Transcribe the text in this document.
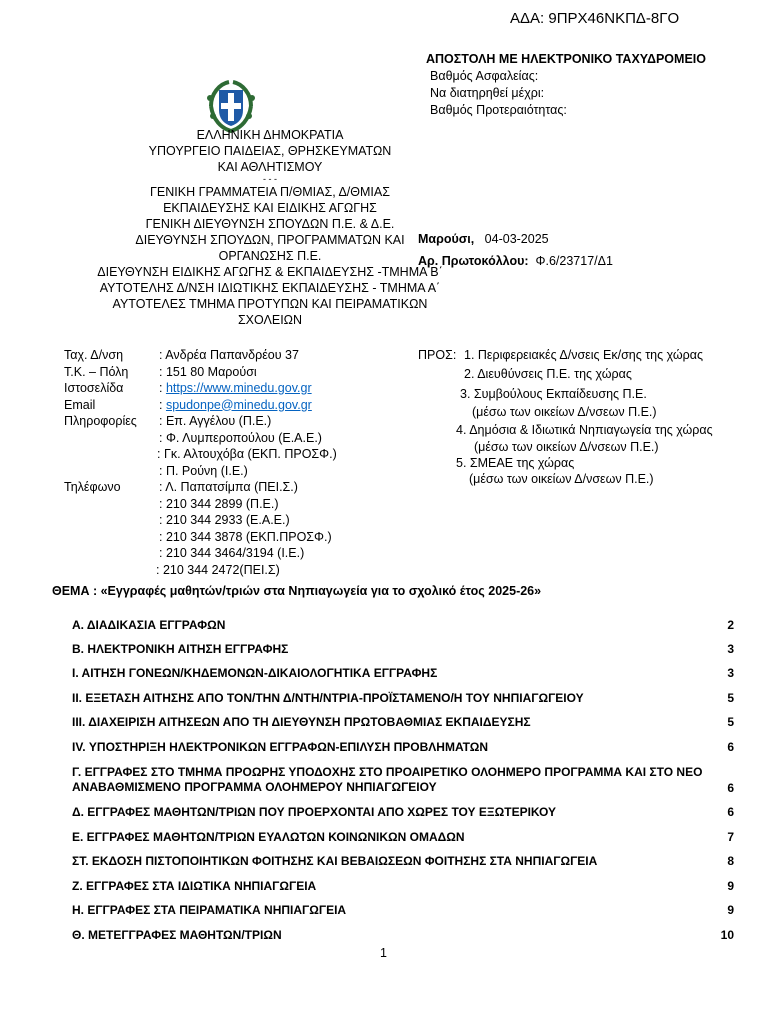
ΑΔΑ: 9ΠΡΧ46ΝΚΠΔ-8ΓΟ
ΑΠΟΣΤΟΛΗ ΜΕ ΗΛΕΚΤΡΟΝΙΚΟ ΤΑΧΥΔΡΟΜΕΙΟ
Βαθμός Ασφαλείας:
Να διατηρηθεί μέχρι:
Βαθμός Προτεραιότητας:
ΕΛΛΗΝΙΚΗ ΔΗΜΟΚΡΑΤΙΑ
ΥΠΟΥΡΓΕΙΟ ΠΑΙΔΕΙΑΣ, ΘΡΗΣΚΕΥΜΑΤΩΝ
ΚΑΙ ΑΘΛΗΤΙΣΜΟΥ
- - -
ΓΕΝΙΚΗ ΓΡΑΜΜΑΤΕΙΑ Π/ΘΜΙΑΣ, Δ/ΘΜΙΑΣ
ΕΚΠΑΙΔΕΥΣΗΣ ΚΑΙ ΕΙΔΙΚΗΣ ΑΓΩΓΗΣ
ΓΕΝΙΚΗ ΔΙΕΥΘΥΝΣΗ ΣΠΟΥΔΩΝ Π.Ε. & Δ.Ε.
ΔΙΕΥΘΥΝΣΗ ΣΠΟΥΔΩΝ, ΠΡΟΓΡΑΜΜΑΤΩΝ ΚΑΙ
ΟΡΓΑΝΩΣΗΣ Π.Ε.
ΔΙΕΥΘΥΝΣΗ ΕΙΔΙΚΗΣ ΑΓΩΓΗΣ & ΕΚΠΑΙΔΕΥΣΗΣ -ΤΜΗΜΑ Β΄
ΑΥΤΟΤΕΛΗΣ Δ/ΝΣΗ ΙΔΙΩΤΙΚΗΣ ΕΚΠΑΙΔΕΥΣΗΣ - ΤΜΗΜΑ Α΄
ΑΥΤΟΤΕΛΕΣ ΤΜΗΜΑ ΠΡΟΤΥΠΩΝ ΚΑΙ ΠΕΙΡΑΜΑΤΙΚΩΝ
ΣΧΟΛΕΙΩΝ
Μαρούσι, 04-03-2025
Αρ. Πρωτοκόλλου: Φ.6/23717/Δ1
Ταχ. Δ/νση	: Ανδρέα Παπανδρέου 37
Τ.Κ. – Πόλη : 151 80 Μαρούσι
Ιστοσελίδα	: https://www.minedu.gov.gr
Email	: spudonpe@minedu.gov.gr
Πληροφορίες : Επ. Αγγέλου (Π.Ε.)
: Φ. Λυμπεροπούλου (Ε.Α.Ε.)
: Γκ. Αλτουχόβα (ΕΚΠ. ΠΡΟΣΦ.)
: Π. Ρούνη (Ι.Ε.)
Τηλέφωνο	: Λ. Παπατσίμπα (ΠΕΙ.Σ.)
: 210 344 2899 (Π.Ε.)
: 210 344 2933 (Ε.Α.Ε.)
: 210 344 3878 (ΕΚΠ.ΠΡΟΣΦ.)
: 210 344 3464/3194 (Ι.Ε.)
: 210 344 2472(ΠΕΙ.Σ)
ΠΡΟΣ: 1. Περιφερειακές Δ/νσεις Εκ/σης της χώρας
2. Διευθύνσεις Π.Ε. της χώρας
3. Συμβούλους Εκπαίδευσης Π.Ε.
(μέσω των οικείων Δ/νσεων Π.Ε.)
4. Δημόσια & Ιδιωτικά Νηπιαγωγεία της χώρας
(μέσω των οικείων Δ/νσεων Π.Ε.)
5. ΣΜΕΑΕ της χώρας
(μέσω των οικείων Δ/νσεων Π.Ε.)
ΘΕΜΑ : «Εγγραφές μαθητών/τριών στα Νηπιαγωγεία για το σχολικό έτος 2025-26»
Α. ΔΙΑΔΙΚΑΣΙΑ ΕΓΓΡΑΦΩΝ	2
Β. ΗΛΕΚΤΡΟΝΙΚΗ ΑΙΤΗΣΗ ΕΓΓΡΑΦΗΣ	3
Ι. ΑΙΤΗΣΗ ΓΟΝΕΩΝ/ΚΗΔΕΜΟΝΩΝ-ΔΙΚΑΙΟΛΟΓΗΤΙΚΑ ΕΓΓΡΑΦΗΣ	3
ΙΙ. ΕΞΕΤΑΣΗ ΑΙΤΗΣΗΣ ΑΠΟ ΤΟΝ/ΤΗΝ Δ/ΝΤΗ/ΝΤΡΙΑ-ΠΡΟΪΣΤΑΜΕΝΟ/Η ΤΟΥ ΝΗΠΙΑΓΩΓΕΙΟΥ	5
ΙΙΙ. ΔΙΑΧΕΙΡΙΣΗ ΑΙΤΗΣΕΩΝ ΑΠΟ ΤΗ ΔΙΕΥΘΥΝΣΗ ΠΡΩΤΟΒΑΘΜΙΑΣ ΕΚΠΑΙΔΕΥΣΗΣ	5
ΙV. ΥΠΟΣΤΗΡΙΞΗ ΗΛΕΚΤΡΟΝΙΚΩΝ ΕΓΓΡΑΦΩΝ-ΕΠΙΛΥΣΗ ΠΡΟΒΛΗΜΑΤΩΝ	6
Γ. ΕΓΓΡΑΦΕΣ ΣΤΟ ΤΜΗΜΑ ΠΡΟΩΡΗΣ ΥΠΟΔΟΧΗΣ ΣΤΟ ΠΡΟΑΙΡΕΤΙΚΟ ΟΛΟΗΜΕΡΟ ΠΡΟΓΡΑΜΜΑ ΚΑΙ ΣΤΟ ΝΕΟ ΑΝΑΒΑΘΜΙΣΜΕΝΟ ΠΡΟΓΡΑΜΜΑ ΟΛΟΗΜΕΡΟΥ ΝΗΠΙΑΓΩΓΕΙΟΥ	6
Δ. ΕΓΓΡΑΦΕΣ ΜΑΘΗΤΩΝ/ΤΡΙΩΝ ΠΟΥ ΠΡΟΕΡΧΟΝΤΑΙ ΑΠΟ ΧΩΡΕΣ ΤΟΥ ΕΞΩΤΕΡΙΚΟΥ	6
Ε. ΕΓΓΡΑΦΕΣ ΜΑΘΗΤΩΝ/ΤΡΙΩΝ ΕΥΑΛΩΤΩΝ ΚΟΙΝΩΝΙΚΩΝ ΟΜΑΔΩΝ	7
ΣΤ. ΕΚΔΟΣΗ ΠΙΣΤΟΠΟΙΗΤΙΚΩΝ ΦΟΙΤΗΣΗΣ ΚΑΙ ΒΕΒΑΙΩΣΕΩΝ ΦΟΙΤΗΣΗΣ ΣΤΑ ΝΗΠΙΑΓΩΓΕΙΑ	8
Ζ. ΕΓΓΡΑΦΕΣ ΣΤΑ ΙΔΙΩΤΙΚΑ ΝΗΠΙΑΓΩΓΕΙΑ	9
Η. ΕΓΓΡΑΦΕΣ ΣΤΑ ΠΕΙΡΑΜΑΤΙΚΑ ΝΗΠΙΑΓΩΓΕΙΑ	9
Θ. ΜΕΤΕΓΓΡΑΦΕΣ ΜΑΘΗΤΩΝ/ΤΡΙΩΝ	10
1
